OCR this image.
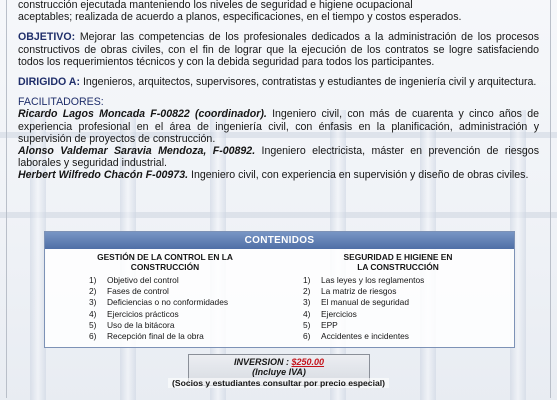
construcción ejecutada manteniendo los niveles de seguridad e higiene ocupacional

aceptables; realizada de acuerdo a planos, especificaciones, en el tiempo y costos esperados.

OBJETIVO: Mejorar las competencias de los profesionales dedicados a la administración de los procesos constructivos de obras civiles, con el fin de lograr que la ejecución de los contratos se logre satisfaciendo todos los requerimientos técnicos y con la debida seguridad para todos los participantes.

DIRIGIDO A: Ingenieros, arquitectos, supervisores, contratistas y estudiantes de ingeniería civil y arquitectura.

FACILITADORES:

Ricardo Lagos Moncada F-00822 (coordinador). Ingeniero civil, con más de cuarenta y cinco años de experiencia profesional en el área de ingeniería civil, con énfasis en la planificación, administración y supervisión de proyectos de construcción.

Alonso Valdemar Saravia Mendoza, F-00892. Ingeniero electricista, máster en prevención de riesgos laborales y seguridad industrial.

Herbert Wilfredo Chacón F-00973. Ingeniero civil, con experiencia en supervisión y diseño de obras civiles.

CONTENIDOS
GESTIÓN DE LA CONTROL EN LA CONSTRUCCIÓN
1) Objetivo del control
2) Fases de control
3) Deficiencias o no conformidades
4) Ejercicios prácticos
5) Uso de la bitácora
6) Recepción final de la obra
SEGURIDAD E HIGIENE EN LA CONSTRUCCIÓN
1) Las leyes y los reglamentos
2) La matriz de riesgos
3) El manual de seguridad
4) Ejercicios
5) EPP
6) Accidentes e incidentes
INVERSION : $250.00
(Incluye IVA)
(Socios y estudiantes consultar por precio especial)
